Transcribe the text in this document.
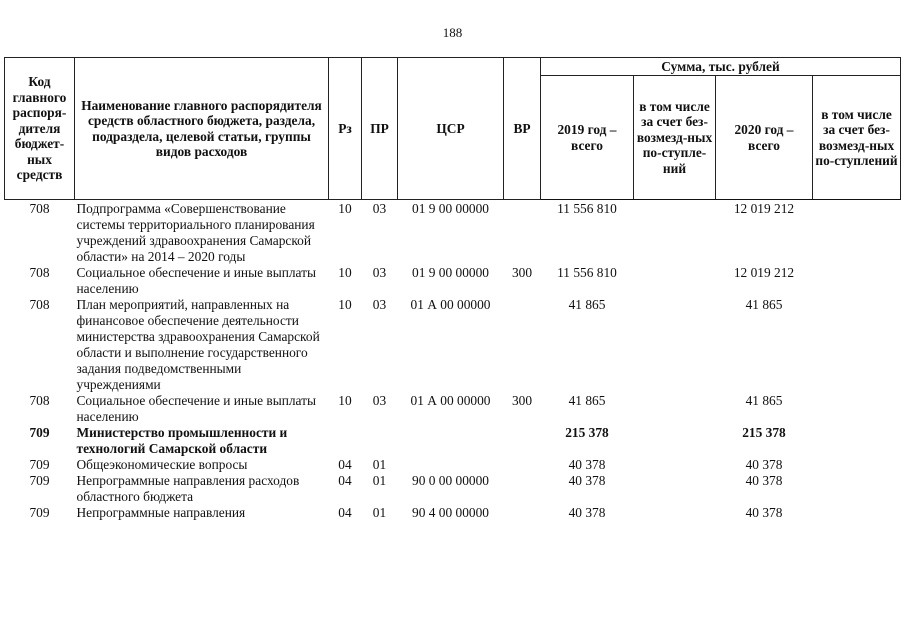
188
Код главного распоря-дителя бюджет-ных средств	Наименование главного распорядителя средств областного бюджета, раздела, подраздела, целевой статьи, группы видов расходов	Рз	ПР	ЦСР	ВР	Сумма, тыс. рублей			
						2019 год – всего	в том числе за счет без-возмезд-ных по-ступле-ний	2020 год – всего	в том числе за счет без-возмезд-ных по-ступлений
708	Подпрограмма «Совершенствование системы территориального планирования учреждений здравоохранения Самарской области» на 2014 – 2020 годы	10	03	01 9 00 00000		11 556 810		12 019 212	
708	Социальное обеспечение и иные выплаты населению	10	03	01 9 00 00000	300	11 556 810		12 019 212	
708	План мероприятий, направленных на финансовое обеспечение деятельности министерства здравоохранения Самарской области и выполнение государственного задания подведомственными учреждениями	10	03	01 А 00 00000		41 865		41 865	
708	Социальное обеспечение и иные выплаты населению	10	03	01 А 00 00000	300	41 865		41 865	
709	Министерство промышленности и технологий Самарской области					215 378		215 378	
709	Общеэкономические вопросы	04	01			40 378		40 378	
709	Непрограммные направления расходов областного бюджета	04	01	90 0 00 00000		40 378		40 378	
709	Непрограммные направления	04	01	90 4 00 00000		40 378		40 378	
